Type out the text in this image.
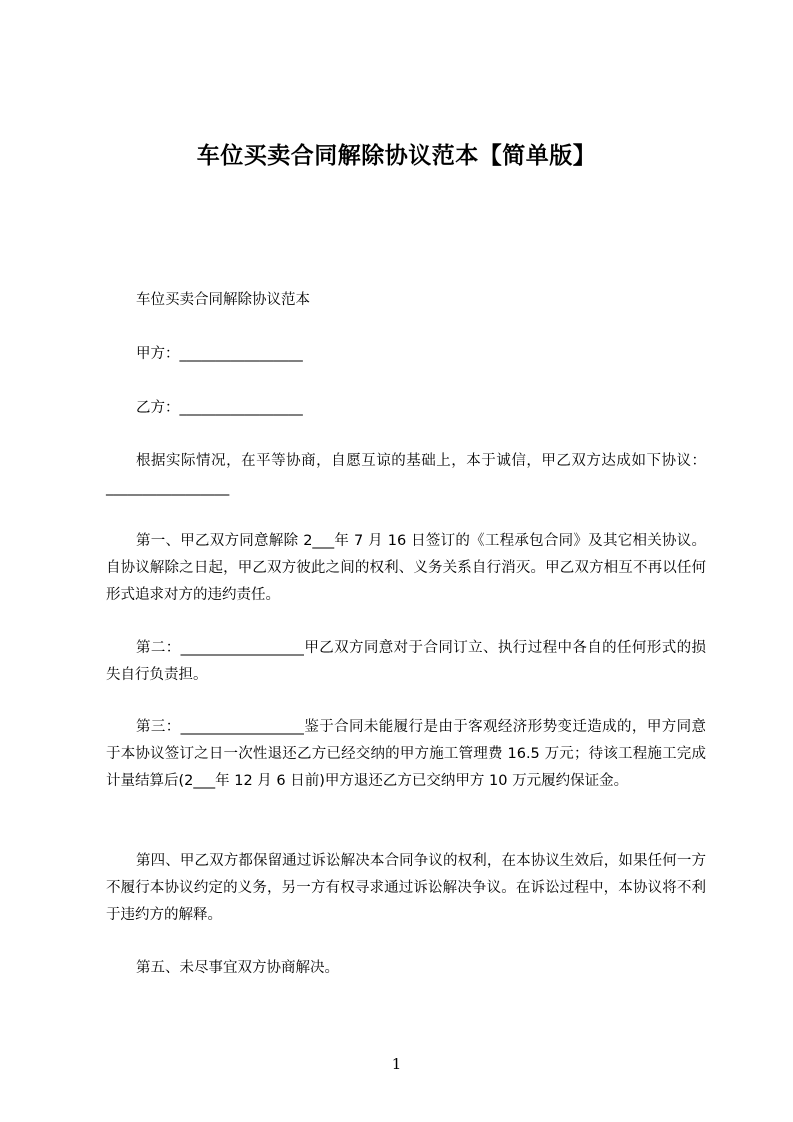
车位买卖合同解除协议范本【简单版】
车位买卖合同解除协议范本
甲方：_________________
乙方：_________________

根据实际情况，在平等协商，自愿互谅的基础上，本于诚信，甲乙双方达成如下协议：_________________

第一、甲乙双方同意解除 2___年 7 月 16 日签订的《工程承包合同》及其它相关协议。自协议解除之日起，甲乙双方彼此之间的权利、义务关系自行消灭。甲乙双方相互不再以任何形式追求对方的违约责任。

第二：_________________甲乙双方同意对于合同订立、执行过程中各自的任何形式的损失自行负责担。

第三：_________________鉴于合同未能履行是由于客观经济形势变迁造成的，甲方同意于本协议签订之日一次性退还乙方已经交纳的甲方施工管理费 16.5 万元；待该工程施工完成计量结算后(2___年 12 月 6 日前)甲方退还乙方已交纳甲方 10 万元履约保证金。

第四、甲乙双方都保留通过诉讼解决本合同争议的权利，在本协议生效后，如果任何一方不履行本协议约定的义务，另一方有权寻求通过诉讼解决争议。在诉讼过程中，本协议将不利于违约方的解释。

第五、未尽事宜双方协商解决。
1
